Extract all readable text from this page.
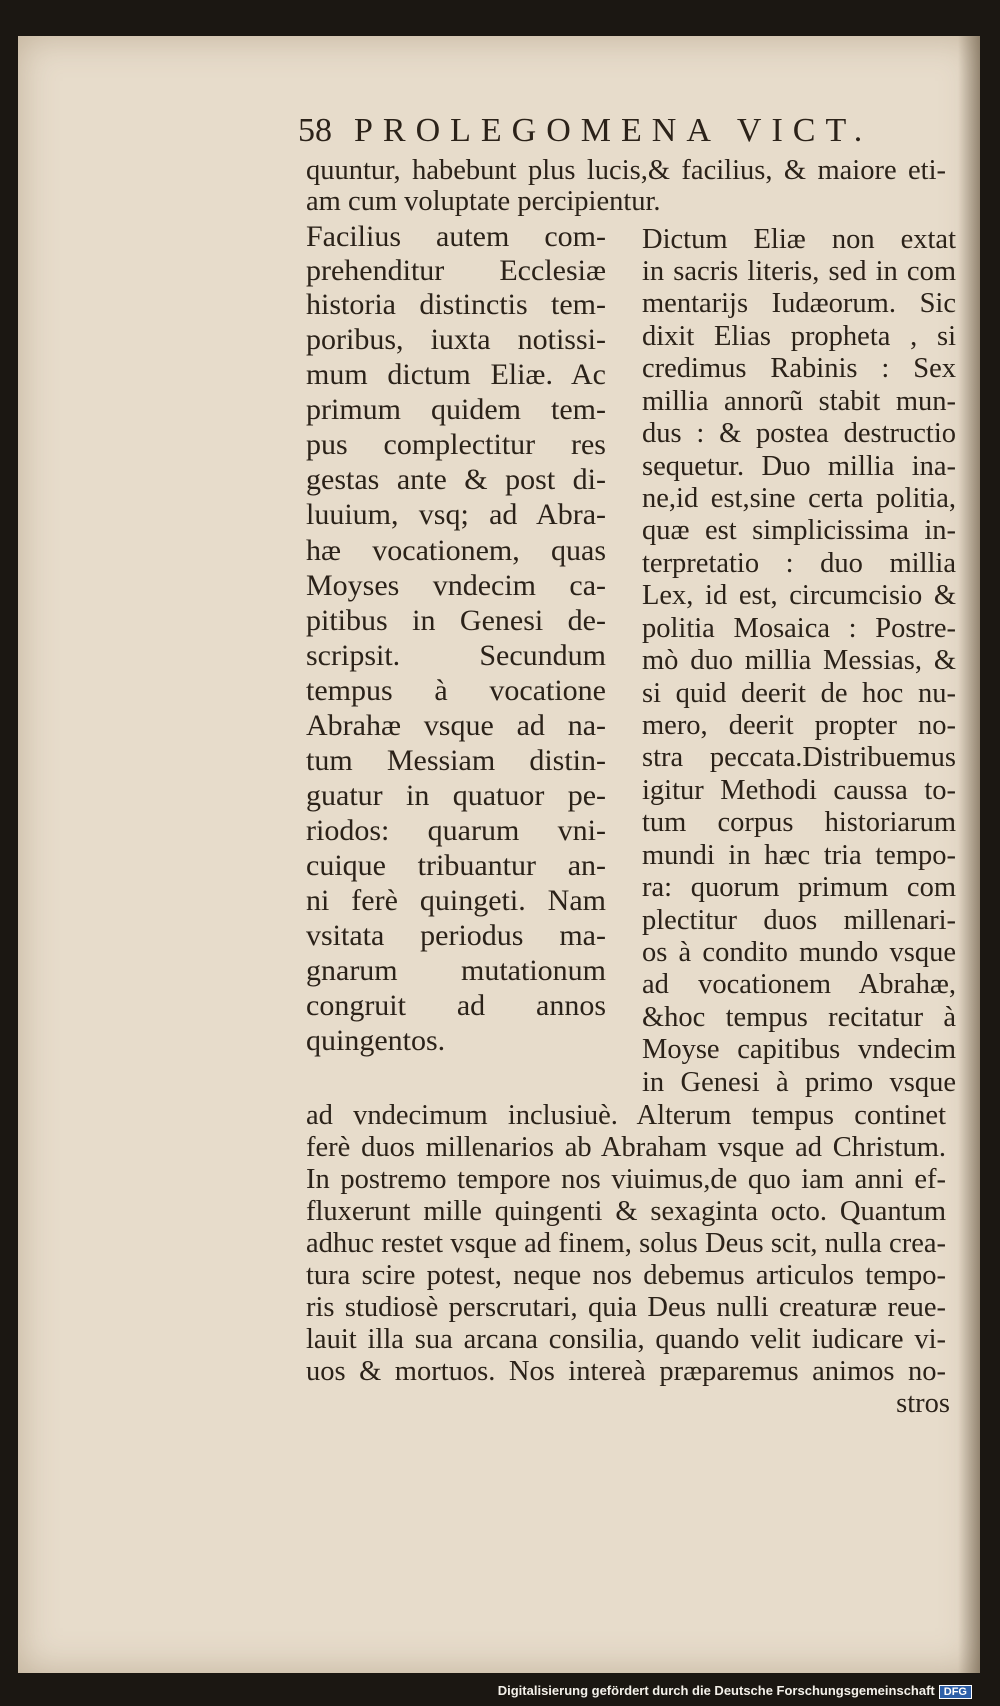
58 PROLEGOMENA VICT.
quuntur, habebunt plus lucis,& facilius, & maiore eti-
am cum voluptate percipientur.
Facilius autem com-
prehenditur Ecclesiæ
historia distinctis tem-
poribus, iuxta notissi-
mum dictum Eliæ. Ac
primum quidem tem-
pus complectitur res
gestas ante & post di-
luuium, vsq; ad Abra-
hæ vocationem, quas
Moyses vndecim ca-
pitibus in Genesi de-
scripsit. Secundum
tempus à vocatione
Abrahæ vsque ad na-
tum Messiam distin-
guatur in quatuor pe-
riodos: quarum vni-
cuique tribuantur an-
ni ferè quingeti. Nam
vsitata periodus ma-
gnarum mutationum
congruit ad annos
quingentos.
Dictum Eliæ non extat
in sacris literis, sed in com
mentarijs Iudæorum. Sic
dixit Elias propheta , si
credimus Rabinis : Sex
millia annorũ stabit mun-
dus : & postea destructio
sequetur. Duo millia ina-
ne,id est,sine certa politia,
quæ est simplicissima in-
terpretatio : duo millia
Lex, id est, circumcisio &
politia Mosaica : Postre-
mò duo millia Messias, &
si quid deerit de hoc nu-
mero, deerit propter no-
stra peccata.Distribuemus
igitur Methodi caussa to-
tum corpus historiarum
mundi in hæc tria tempo-
ra: quorum primum com
plectitur duos millenari-
os à condito mundo vsque
ad vocationem Abrahæ,
&hoc tempus recitatur à
Moyse capitibus vndecim
in Genesi à primo vsque
ad vndecimum inclusiuè. Alterum tempus continet
ferè duos millenarios ab Abraham vsque ad Christum.
In postremo tempore nos viuimus,de quo iam anni ef-
fluxerunt mille quingenti & sexaginta octo. Quantum
adhuc restet vsque ad finem, solus Deus scit, nulla crea-
tura scire potest, neque nos debemus articulos tempo-
ris studiosè perscrutari, quia Deus nulli creaturæ reue-
lauit illa sua arcana consilia, quando velit iudicare vi-
uos & mortuos. Nos intereà præparemus animos no-
stros
Digitalisierung gefördert durch die Deutsche Forschungsgemeinschaft DFG
